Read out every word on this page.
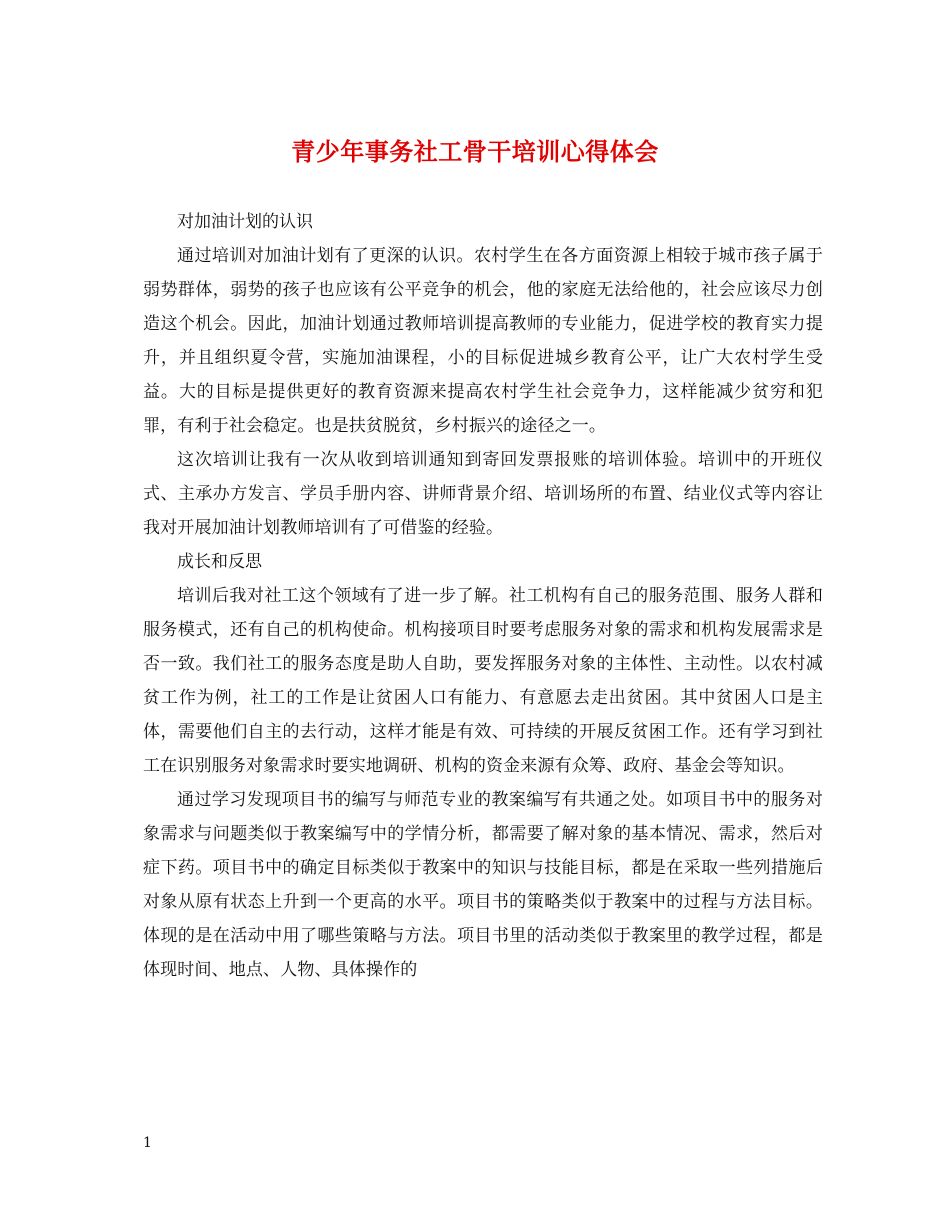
青少年事务社工骨干培训心得体会

对加油计划的认识

通过培训对加油计划有了更深的认识。农村学生在各方面资源上相较于城市孩子属于弱势群体，弱势的孩子也应该有公平竞争的机会，他的家庭无法给他的，社会应该尽力创造这个机会。因此，加油计划通过教师培训提高教师的专业能力，促进学校的教育实力提升，并且组织夏令营，实施加油课程，小的目标促进城乡教育公平，让广大农村学生受益。大的目标是提供更好的教育资源来提高农村学生社会竞争力，这样能减少贫穷和犯罪，有利于社会稳定。也是扶贫脱贫，乡村振兴的途径之一。

这次培训让我有一次从收到培训通知到寄回发票报账的培训体验。培训中的开班仪式、主承办方发言、学员手册内容、讲师背景介绍、培训场所的布置、结业仪式等内容让我对开展加油计划教师培训有了可借鉴的经验。

成长和反思

培训后我对社工这个领域有了进一步了解。社工机构有自己的服务范围、服务人群和服务模式，还有自己的机构使命。机构接项目时要考虑服务对象的需求和机构发展需求是否一致。我们社工的服务态度是助人自助，要发挥服务对象的主体性、主动性。以农村减贫工作为例，社工的工作是让贫困人口有能力、有意愿去走出贫困。其中贫困人口是主体，需要他们自主的去行动，这样才能是有效、可持续的开展反贫困工作。还有学习到社工在识别服务对象需求时要实地调研、机构的资金来源有众筹、政府、基金会等知识。

通过学习发现项目书的编写与师范专业的教案编写有共通之处。如项目书中的服务对象需求与问题类似于教案编写中的学情分析，都需要了解对象的基本情况、需求，然后对症下药。项目书中的确定目标类似于教案中的知识与技能目标，都是在采取一些列措施后对象从原有状态上升到一个更高的水平。项目书的策略类似于教案中的过程与方法目标。体现的是在活动中用了哪些策略与方法。项目书里的活动类似于教案里的教学过程，都是体现时间、地点、人物、具体操作的

1
